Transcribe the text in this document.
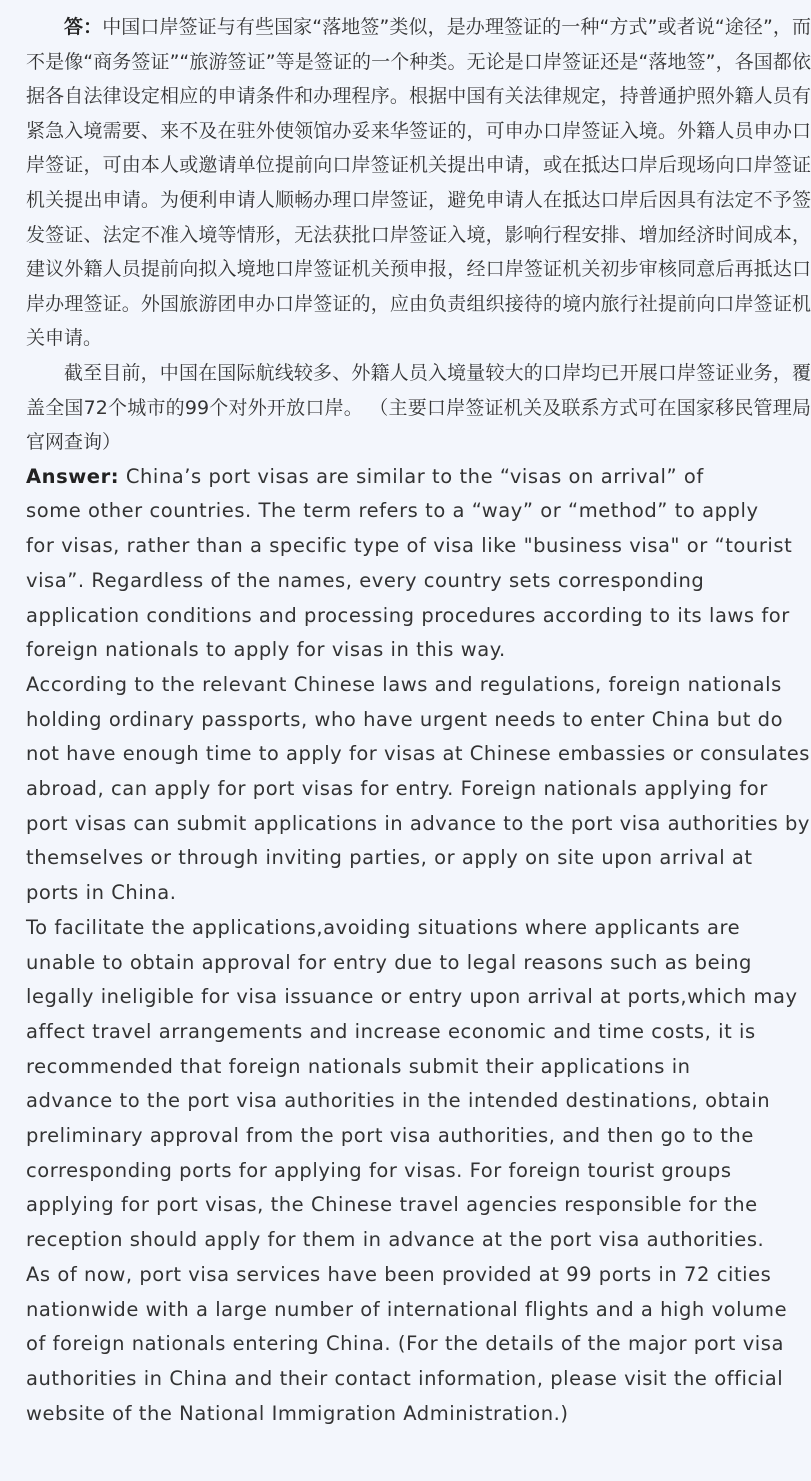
答：中国口岸签证与有些国家“落地签”类似，是办理签证的一种“方式”或者说“途径”，而不是像“商务签证”“旅游签证”等是签证的一个种类。无论是口岸签证还是“落地签”，各国都依据各自法律设定相应的申请条件和办理程序。根据中国有关法律规定，持普通护照外籍人员有紧急入境需要、来不及在驻外使领馆办妥来华签证的，可申办口岸签证入境。外籍人员申办口岸签证，可由本人或邀请单位提前向口岸签证机关提出申请，或在抵达口岸后现场向口岸签证机关提出申请。为便利申请人顺畅办理口岸签证，避免申请人在抵达口岸后因具有法定不予签发签证、法定不准入境等情形，无法获批口岸签证入境，影响行程安排、增加经济时间成本，建议外籍人员提前向拟入境地口岸签证机关预申报，经口岸签证机关初步审核同意后再抵达口岸办理签证。外国旅游团申办口岸签证的，应由负责组织接待的境内旅行社提前向口岸签证机关申请。

截至目前，中国在国际航线较多、外籍人员入境量较大的口岸均已开展口岸签证业务，覆盖全国72个城市的99个对外开放口岸。 （主要口岸签证机关及联系方式可在国家移民管理局官网查询）

Answer: China’s port visas are similar to the “visas on arrival” of
some other countries. The term refers to a “way” or “method” to apply
for visas, rather than a specific type of visa like "business visa" or “tourist
visa”. Regardless of the names, every country sets corresponding
application conditions and processing procedures according to its laws for
foreign nationals to apply for visas in this way.
According to the relevant Chinese laws and regulations, foreign nationals
holding ordinary passports, who have urgent needs to enter China but do
not have enough time to apply for visas at Chinese embassies or consulates
abroad, can apply for port visas for entry. Foreign nationals applying for
port visas can submit applications in advance to the port visa authorities by
themselves or through inviting parties, or apply on site upon arrival at
ports in China.
To facilitate the applications,avoiding situations where applicants are
unable to obtain approval for entry due to legal reasons such as being
legally ineligible for visa issuance or entry upon arrival at ports,which may
affect travel arrangements and increase economic and time costs, it is
recommended that foreign nationals submit their applications in
advance to the port visa authorities in the intended destinations, obtain
preliminary approval from the port visa authorities, and then go to the
corresponding ports for applying for visas. For foreign tourist groups
applying for port visas, the Chinese travel agencies responsible for the
reception should apply for them in advance at the port visa authorities.
As of now, port visa services have been provided at 99 ports in 72 cities
nationwide with a large number of international flights and a high volume
of foreign nationals entering China. (For the details of the major port visa
authorities in China and their contact information, please visit the official
website of the National Immigration Administration.)
